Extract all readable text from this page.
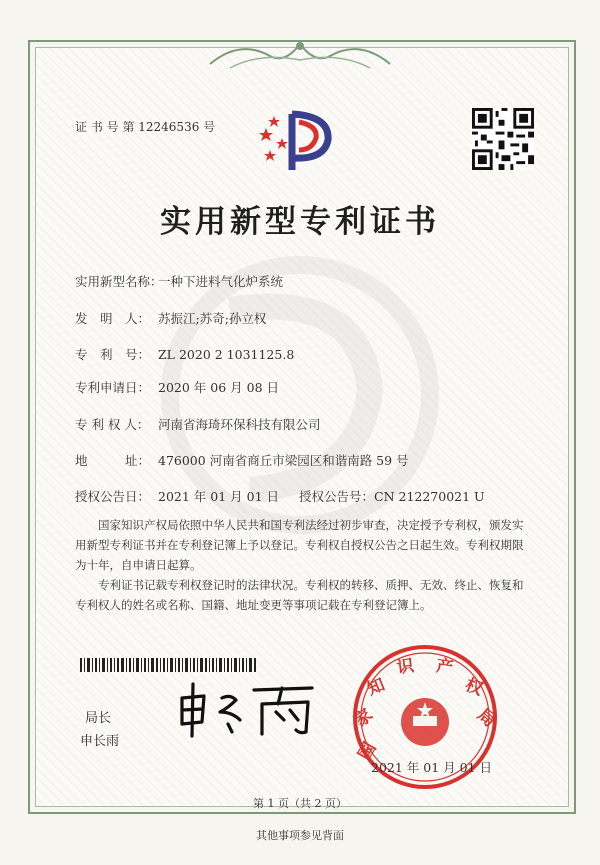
证 书 号 第 12246536 号
实用新型专利证书
实用新型名称：一种下进料气化炉系统
发　明　人： 苏振江;苏奇;孙立权
专　利　号： ZL 2020 2 1031125.8
专利申请日： 2020 年 06 月 08 日
专 利 权 人： 河南省海琦环保科技有限公司
地　　　址： 476000 河南省商丘市梁园区和谐南路 59 号
授权公告日： 2021 年 01 月 01 日 授权公告号：CN 212270021 U
国家知识产权局依照中华人民共和国专利法经过初步审查，决定授予专利权，颁发实用新型专利证书并在专利登记簿上予以登记。专利权自授权公告之日起生效。专利权期限为十年，自申请日起算。
专利证书记载专利权登记时的法律状况。专利权的转移、质押、无效、终止、恢复和专利权人的姓名或名称、国籍、地址变更等事项记载在专利登记簿上。
局长
申长雨	国
家
知
识 产
权
局
2021 年 01 月 01 日
第 1 页（共 2 页）
其他事项参见背面
